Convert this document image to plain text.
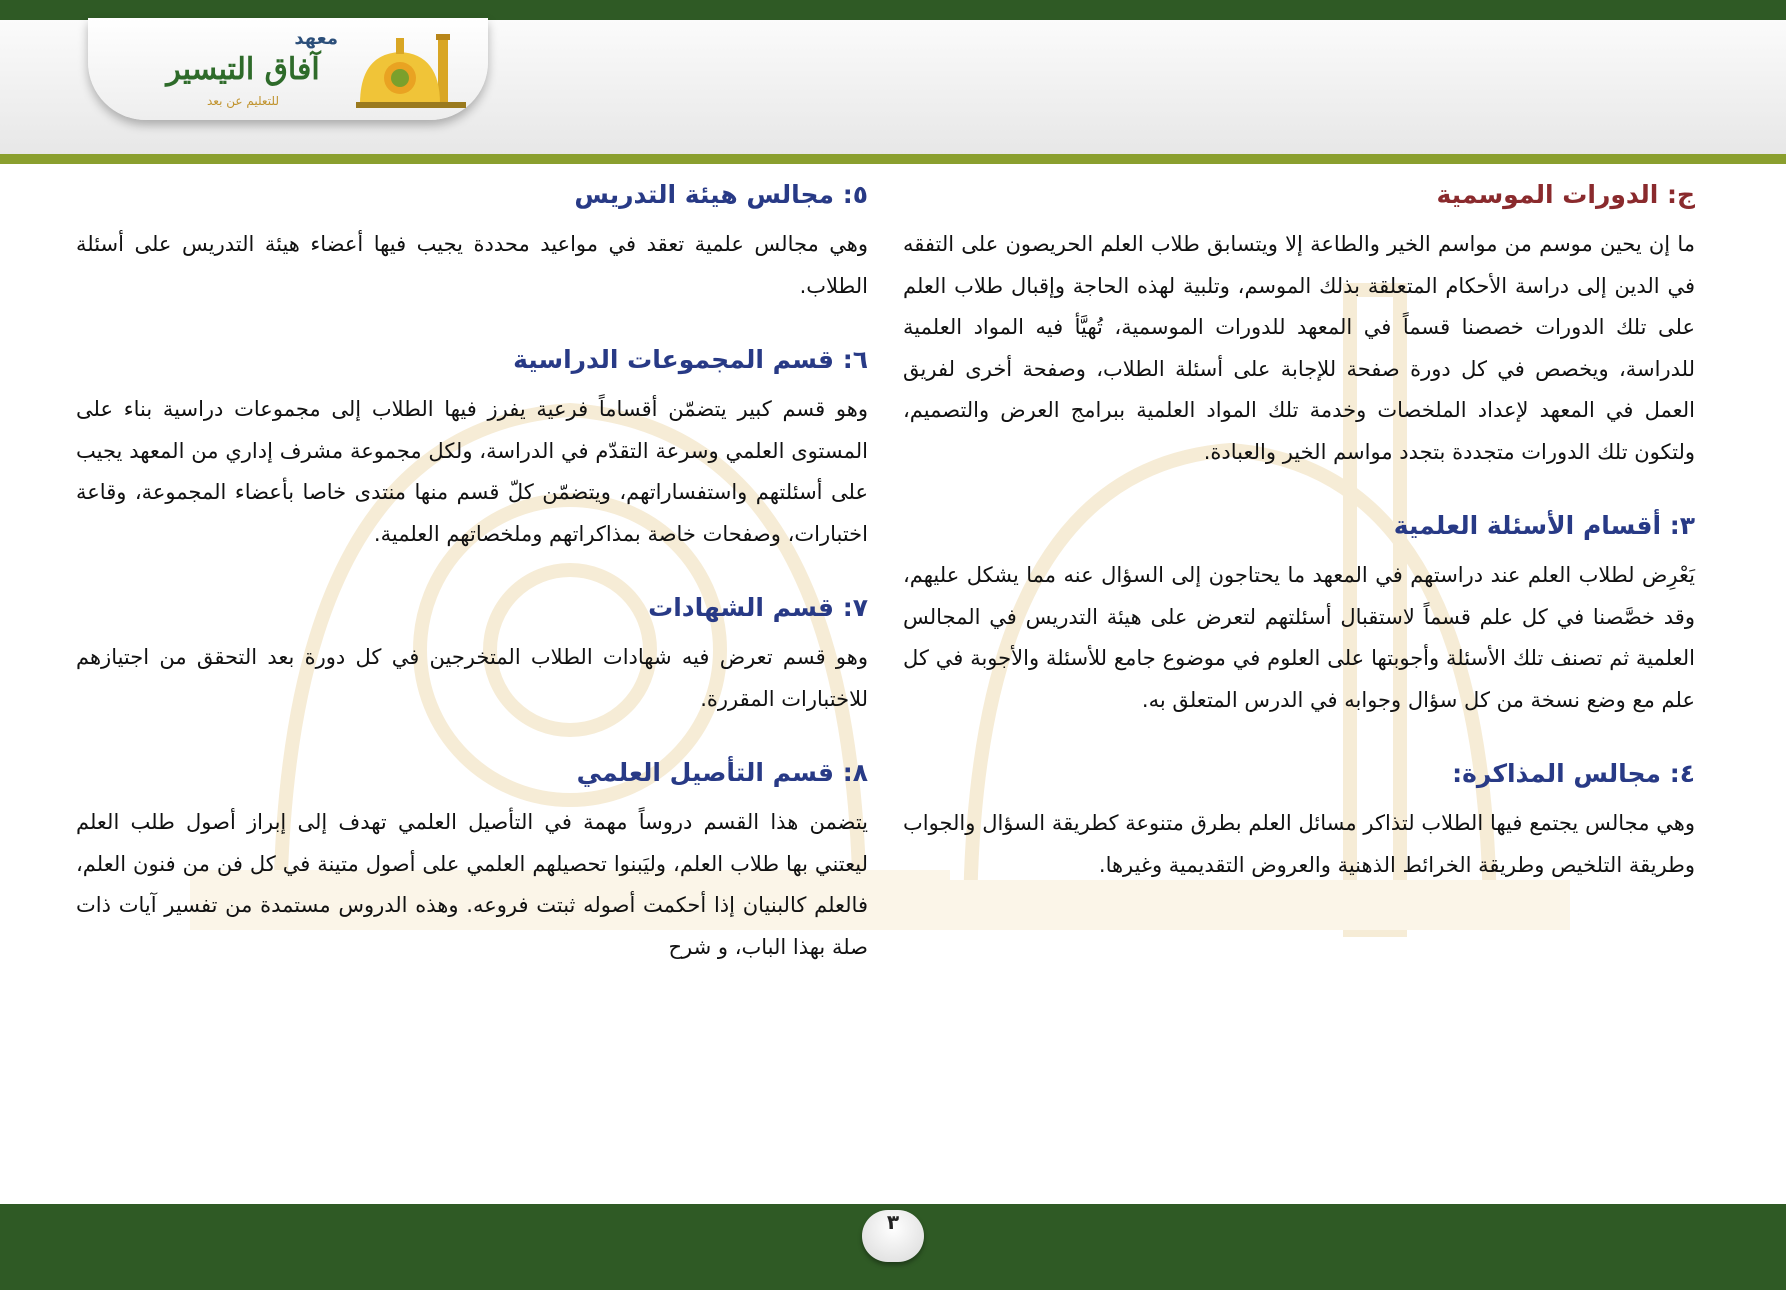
معهد
آفاق التيسير
للتعليم عن بعد
ج: الدورات الموسمية

ما إن يحين موسم من مواسم الخير والطاعة إلا ويتسابق طلاب العلم الحريصون على التفقه في الدين إلى دراسة الأحكام المتعلقة بذلك الموسم، وتلبية لهذه الحاجة وإقبال طلاب العلم على تلك الدورات خصصنا قسماً في المعهد للدورات الموسمية، تُهيَّأ فيه المواد العلمية للدراسة، ويخصص في كل دورة صفحة للإجابة على أسئلة الطلاب، وصفحة أخرى لفريق العمل في المعهد لإعداد الملخصات وخدمة تلك المواد العلمية ببرامج العرض والتصميم، ولتكون تلك الدورات متجددة بتجدد مواسم الخير والعبادة.

٣: أقسام الأسئلة العلمية

يَعْرِض لطلاب العلم عند دراستهم في المعهد ما يحتاجون إلى السؤال عنه مما يشكل عليهم، وقد خصَّصنا في كل علم قسماً لاستقبال أسئلتهم لتعرض على هيئة التدريس في المجالس العلمية ثم تصنف تلك الأسئلة وأجوبتها على العلوم في موضوع جامع للأسئلة والأجوبة في كل علم مع وضع نسخة من كل سؤال وجوابه في الدرس المتعلق به.

٤: مجالس المذاكرة:

وهي مجالس يجتمع فيها الطلاب لتذاكر مسائل العلم بطرق متنوعة كطريقة السؤال والجواب وطريقة التلخيص وطريقة الخرائط الذهنية والعروض التقديمية وغيرها.

٥: مجالس هيئة التدريس

وهي مجالس علمية تعقد في مواعيد محددة يجيب فيها أعضاء هيئة التدريس على أسئلة الطلاب.

٦: قسم المجموعات الدراسية

وهو قسم كبير يتضمّن أقساماً فرعية يفرز فيها الطلاب إلى مجموعات دراسية بناء على المستوى العلمي وسرعة التقدّم في الدراسة، ولكل مجموعة مشرف إداري من المعهد يجيب على أسئلتهم واستفساراتهم، ويتضمّن كلّ قسم منها منتدى خاصا بأعضاء المجموعة، وقاعة اختبارات، وصفحات خاصة بمذاكراتهم وملخصاتهم العلمية.

٧: قسم الشهادات

وهو قسم تعرض فيه شهادات الطلاب المتخرجين في كل دورة بعد التحقق من اجتيازهم للاختبارات المقررة.

٨: قسم التأصيل العلمي

يتضمن هذا القسم دروساً مهمة في التأصيل العلمي تهدف إلى إبراز أصول طلب العلم ليعتني بها طلاب العلم، وليَبنوا تحصيلهم العلمي على أصول متينة في كل فن من فنون العلم، فالعلم كالبنيان إذا أحكمت أصوله ثبتت فروعه. وهذه الدروس مستمدة من تفسير آيات ذات صلة بهذا الباب، و شرح

٣
